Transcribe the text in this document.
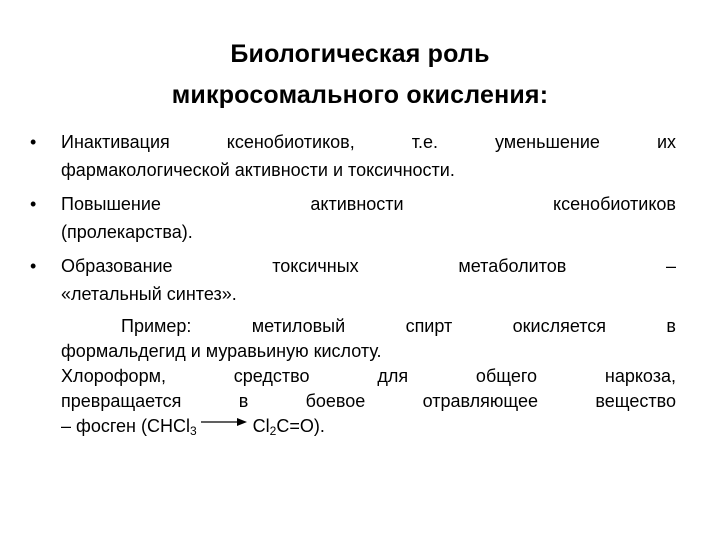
Биологическая роль
микросомального окисления:
•	Инактивация ксенобиотиков, т.е. уменьшение их
фармакологической активности и токсичности.
•	Повышение активности ксенобиотиков
(пролекарства).
•	Образование токсичных метаболитов –
«летальный синтез».
Пример: метиловый спирт окисляется в
формальдегид и муравьиную кислоту.
Хлороформ, средство для общего наркоза,
превращается в боевое отравляющее вещество
– фосген (CHCl$_3$ → $Cl_2C=O$).
